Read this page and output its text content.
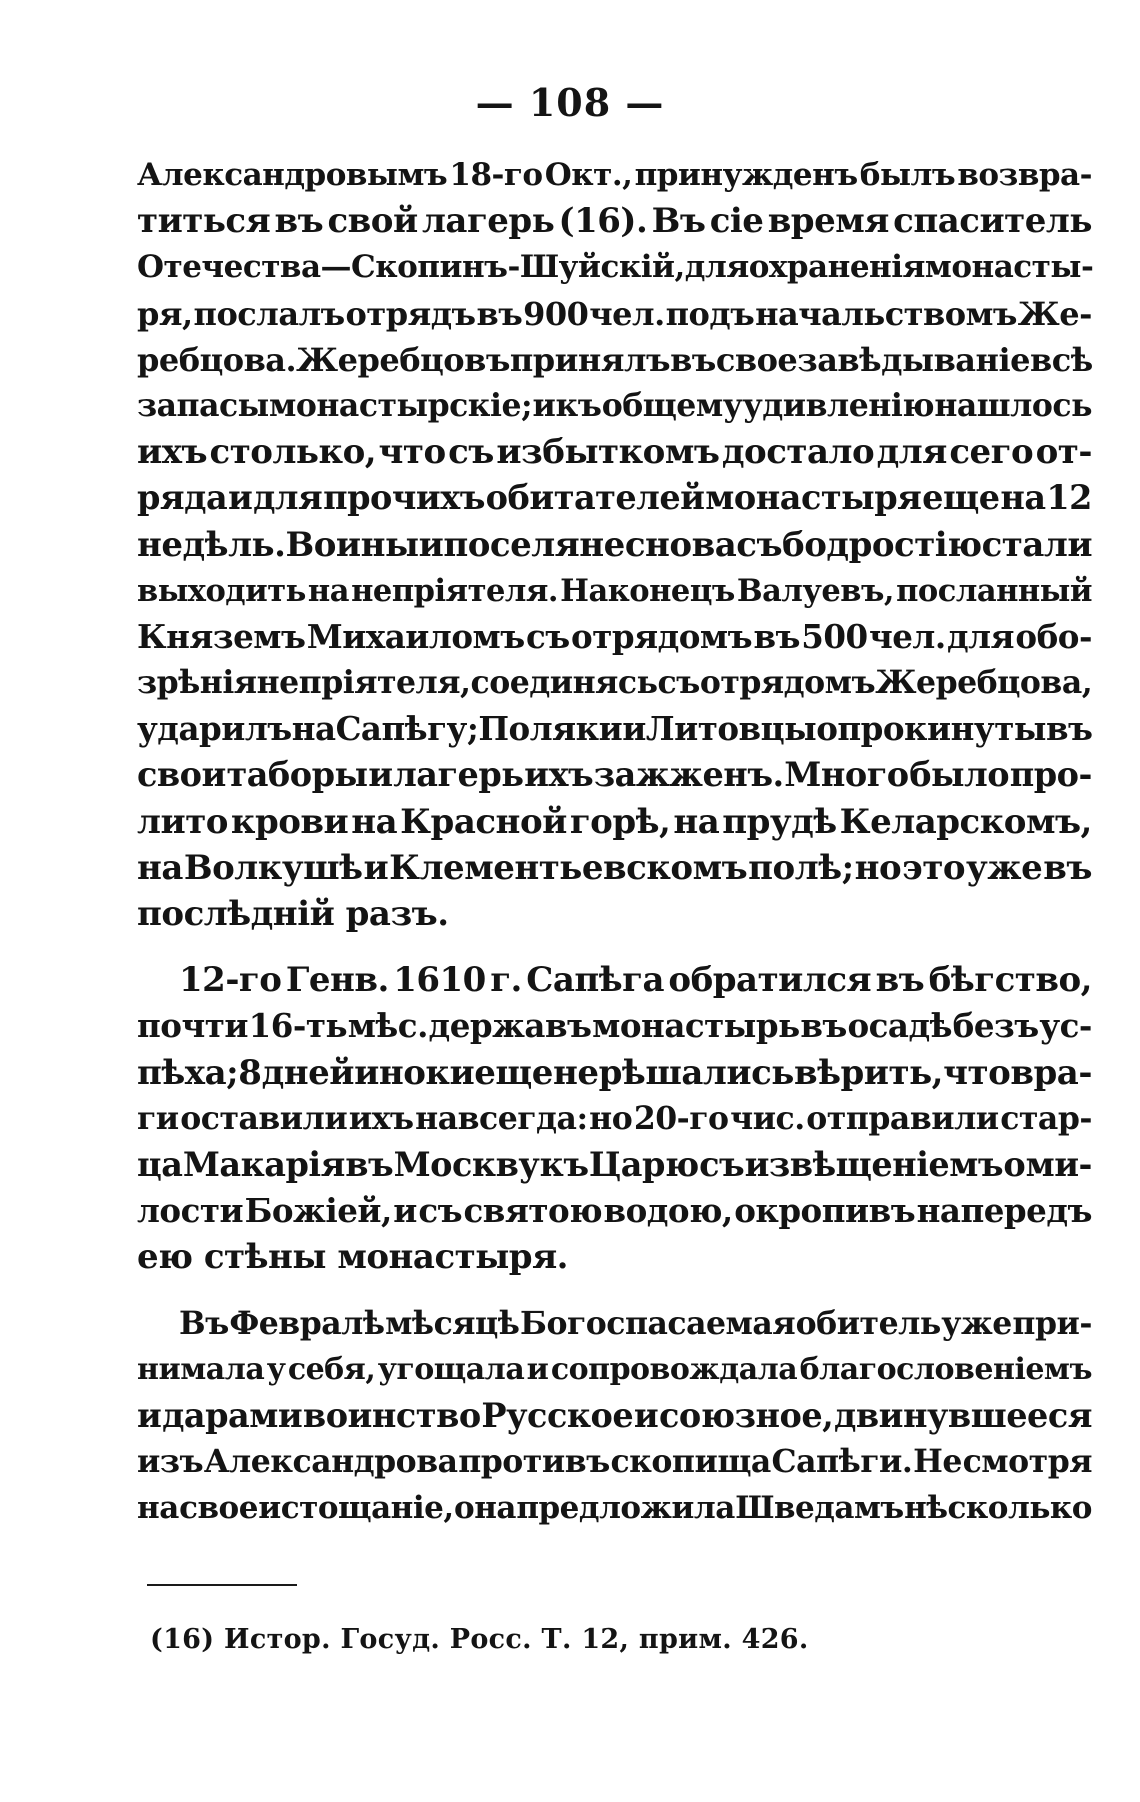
— 108 —
Александровымъ 18-го Окт., принужденъ былъ возвра-
титься въ свой лагерь (16). Въ сіе время спаситель
Отечества—Скопинъ-Шуйскій, для охраненія монасты-
ря, послалъ отрядъ въ 900 чел. подъ начальствомъ Же-
ребцова. Жеребцовъ принялъ въ свое завѣдываніе всѣ
запасы монастырскіе; и къ общему удивленію нашлось
ихъ столько, что съ избыткомъ достало для сего от-
ряда и для прочихъ обитателей монастыря еще на 12
недѣль. Воины и поселяне снова съ бодростію стали
выходить на непріятеля. Наконецъ Валуевъ, посланный
Княземъ Михаиломъ съ отрядомъ въ 500 чел. для обо-
зрѣнія непріятеля, соединясь съ отрядомъ Жеребцова,
ударилъ на Сапѣгу; Поляки и Литовцы опрокинуты въ
свои таборы и лагерь ихъ зажженъ. Много было про-
лито крови на Красной горѣ, на прудѣ Келарскомъ,
на Волкушѣ и Клементьевскомъ полѣ; но это уже въ
послѣдній разъ.
12-го Генв. 1610 г. Сапѣга обратился въ бѣгство,
почти 16-ть мѣс. державъ монастырь въ осадѣ безъ ус-
пѣха; 8 дней иноки еще не рѣшались вѣрить, что вра-
ги оставили ихъ навсегда: но 20-го чис. отправили стар-
ца Макарія въ Москву къ Царю съ извѣщеніемъ о ми-
лости Божіей, и съ святою водою, окропивъ напередъ
ею стѣны монастыря.
Въ Февралѣ мѣсяцѣ Богоспасаемая обитель уже при-
нимала у себя, угощала и сопровождала благословеніемъ
и дарами воинство Русское и союзное, двинувшееся
изъ Александрова противъ скопища Сапѣги. Не смотря
на свое истощаніе, она предложила Шведамъ нѣсколько
(16) Истор. Госуд. Росс. Т. 12, прим. 426.
